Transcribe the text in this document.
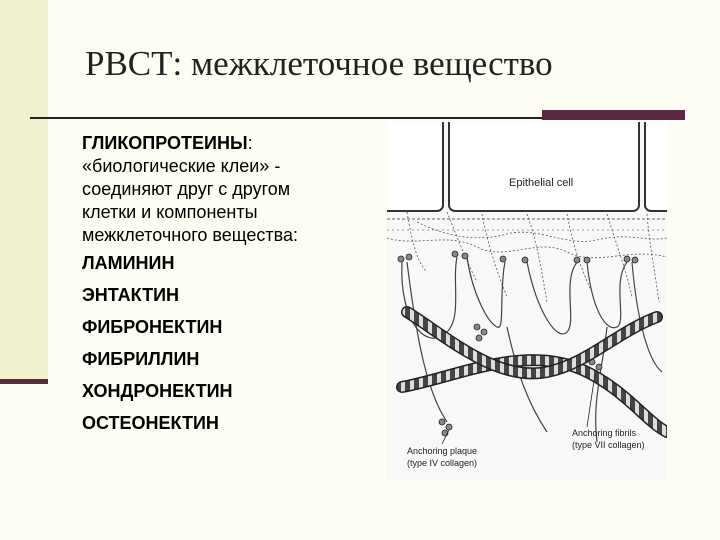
РВСТ: межклеточное вещество
ГЛИКОПРОТЕИНЫ:
«биологические клеи» -
соединяют друг с другом
клетки и компоненты
межклеточного вещества:
ЛАМИНИН
ЭНТАКТИН
ФИБРОНЕКТИН
ФИБРИЛЛИН
ХОНДРОНЕКТИН
ОСТЕОНЕКТИН
Epithelial cell
Anchoring plaque
(type IV collagen)
Anchoring fibrils
(type VII collagen)
